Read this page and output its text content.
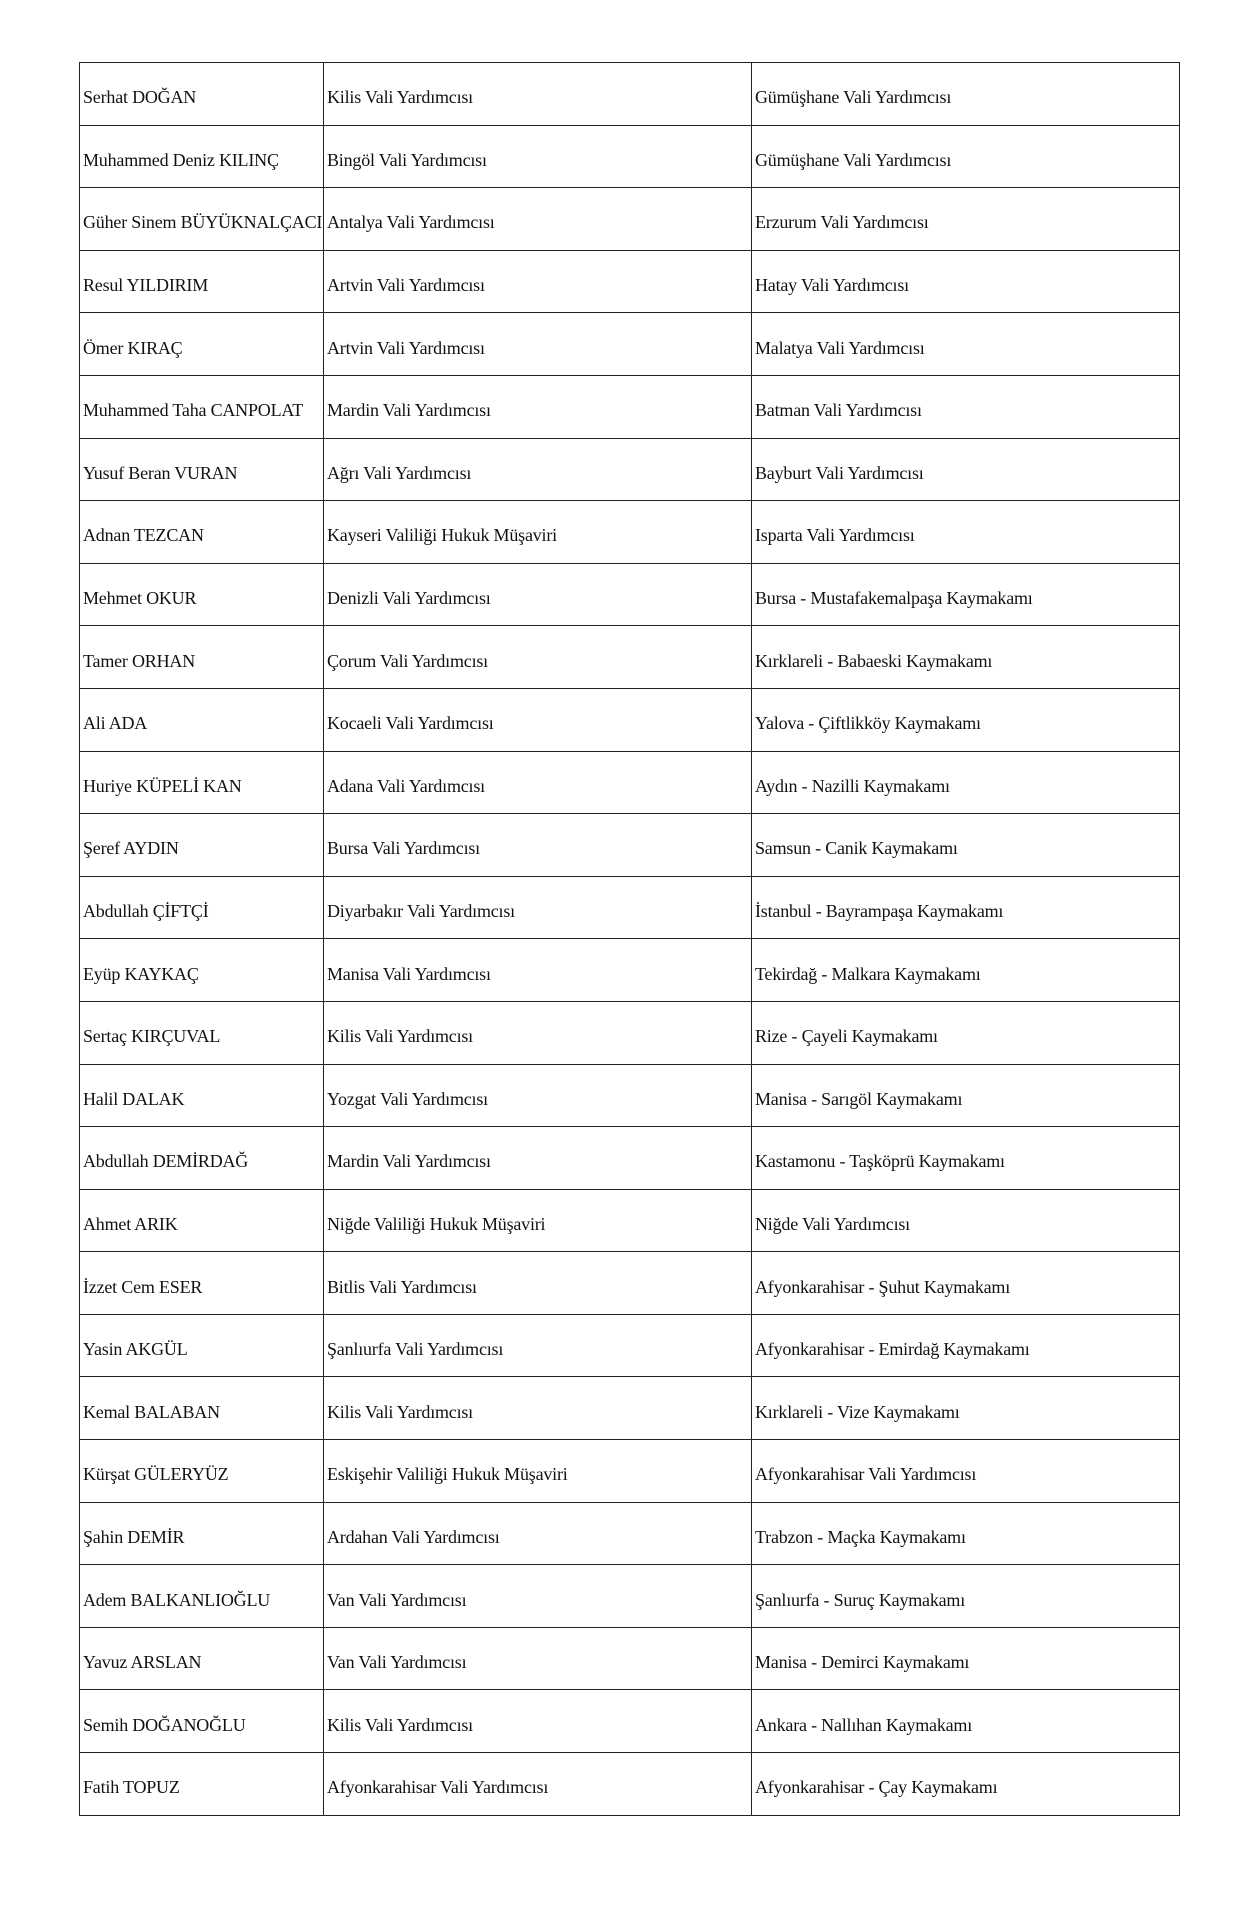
Serhat DOĞAN	Kilis Vali Yardımcısı	Gümüşhane Vali Yardımcısı

Muhammed Deniz KILINÇ	Bingöl Vali Yardımcısı	Gümüşhane Vali Yardımcısı

Güher Sinem BÜYÜKNALÇACI	Antalya Vali Yardımcısı	Erzurum Vali Yardımcısı

Resul YILDIRIM	Artvin Vali Yardımcısı	Hatay Vali Yardımcısı

Ömer KIRAÇ	Artvin Vali Yardımcısı	Malatya Vali Yardımcısı

Muhammed Taha CANPOLAT	Mardin Vali Yardımcısı	Batman Vali Yardımcısı

Yusuf Beran VURAN	Ağrı Vali Yardımcısı	Bayburt Vali Yardımcısı

Adnan TEZCAN	Kayseri Valiliği Hukuk Müşaviri	Isparta Vali Yardımcısı

Mehmet OKUR	Denizli Vali Yardımcısı	Bursa - Mustafakemalpaşa Kaymakamı

Tamer ORHAN	Çorum Vali Yardımcısı	Kırklareli - Babaeski Kaymakamı

Ali ADA	Kocaeli Vali Yardımcısı	Yalova - Çiftlikköy Kaymakamı

Huriye KÜPELİ KAN	Adana Vali Yardımcısı	Aydın - Nazilli Kaymakamı

Şeref AYDIN	Bursa Vali Yardımcısı	Samsun - Canik Kaymakamı

Abdullah ÇİFTÇİ	Diyarbakır Vali Yardımcısı	İstanbul - Bayrampaşa Kaymakamı

Eyüp KAYKAÇ	Manisa Vali Yardımcısı	Tekirdağ - Malkara Kaymakamı

Sertaç KIRÇUVAL	Kilis Vali Yardımcısı	Rize - Çayeli Kaymakamı

Halil DALAK	Yozgat Vali Yardımcısı	Manisa - Sarıgöl Kaymakamı

Abdullah DEMİRDAĞ	Mardin Vali Yardımcısı	Kastamonu - Taşköprü Kaymakamı

Ahmet ARIK	Niğde Valiliği Hukuk Müşaviri	Niğde Vali Yardımcısı

İzzet Cem ESER	Bitlis Vali Yardımcısı	Afyonkarahisar - Şuhut Kaymakamı

Yasin AKGÜL	Şanlıurfa Vali Yardımcısı	Afyonkarahisar - Emirdağ Kaymakamı

Kemal BALABAN	Kilis Vali Yardımcısı	Kırklareli - Vize Kaymakamı

Kürşat GÜLERYÜZ	Eskişehir Valiliği Hukuk Müşaviri	Afyonkarahisar Vali Yardımcısı

Şahin DEMİR	Ardahan Vali Yardımcısı	Trabzon - Maçka Kaymakamı

Adem BALKANLIOĞLU	Van Vali Yardımcısı	Şanlıurfa - Suruç Kaymakamı

Yavuz ARSLAN	Van Vali Yardımcısı	Manisa - Demirci Kaymakamı

Semih DOĞANOĞLU	Kilis Vali Yardımcısı	Ankara - Nallıhan Kaymakamı

Fatih TOPUZ	Afyonkarahisar Vali Yardımcısı	Afyonkarahisar - Çay Kaymakamı
